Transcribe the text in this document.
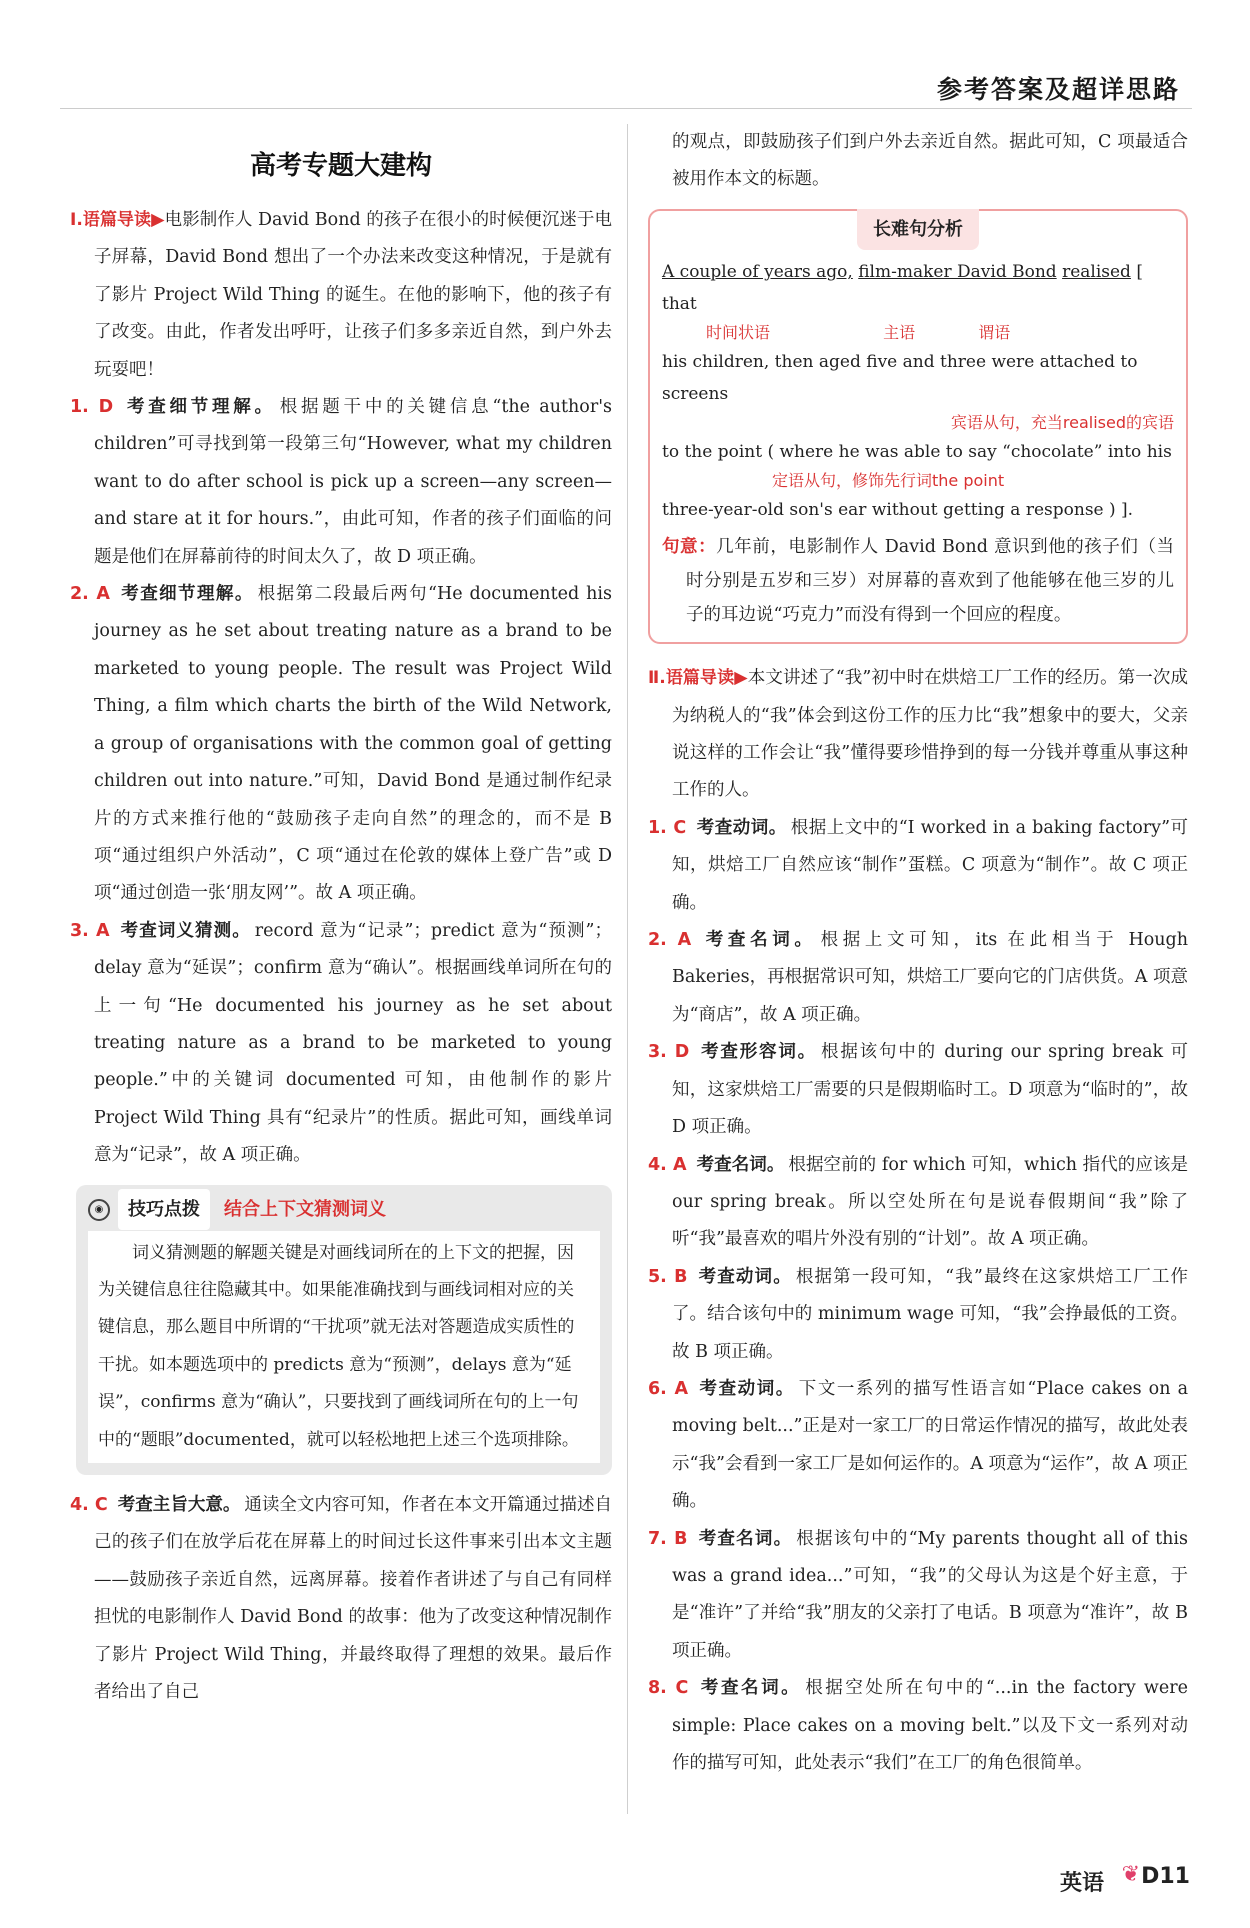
参考答案及超详思路
高考专题大建构

Ⅰ.语篇导读▶电影制作人 David Bond 的孩子在很小的时候便沉迷于电子屏幕，David Bond 想出了一个办法来改变这种情况，于是就有了影片 Project Wild Thing 的诞生。在他的影响下，他的孩子有了改变。由此，作者发出呼吁，让孩子们多多亲近自然，到户外去玩耍吧！

1. D 考查细节理解。 根据题干中的关键信息“the author's children”可寻找到第一段第三句“However, what my children want to do after school is pick up a screen—any screen—and stare at it for hours.”，由此可知，作者的孩子们面临的问题是他们在屏幕前待的时间太久了，故 D 项正确。

2. A 考查细节理解。 根据第二段最后两句“He documented his journey as he set about treating nature as a brand to be marketed to young people. The result was Project Wild Thing, a film which charts the birth of the Wild Network, a group of organisations with the common goal of getting children out into nature.”可知，David Bond 是通过制作纪录片的方式来推行他的“鼓励孩子走向自然”的理念的，而不是 B 项“通过组织户外活动”，C 项“通过在伦敦的媒体上登广告”或 D 项“通过创造一张‘朋友网’”。故 A 项正确。

3. A 考查词义猜测。 record 意为“记录”；predict 意为“预测”；delay 意为“延误”；confirm 意为“确认”。根据画线单词所在句的上一句“He documented his journey as he set about treating nature as a brand to be marketed to young people.”中的关键词 documented 可知，由他制作的影片 Project Wild Thing 具有“纪录片”的性质。据此可知，画线单词意为“记录”，故 A 项正确。

◉	技巧点拨	结合上下文猜测词义
词义猜测题的解题关键是对画线词所在的上下文的把握，因为关键信息往往隐藏其中。如果能准确找到与画线词相对应的关键信息，那么题目中所谓的“干扰项”就无法对答题造成实质性的干扰。如本题选项中的 predicts 意为“预测”，delays 意为“延误”，confirms 意为“确认”，只要找到了画线词所在句的上一句中的“题眼”documented，就可以轻松地把上述三个选项排除。

4. C 考查主旨大意。 通读全文内容可知，作者在本文开篇通过描述自己的孩子们在放学后花在屏幕上的时间过长这件事来引出本文主题——鼓励孩子亲近自然，远离屏幕。接着作者讲述了与自己有同样担忧的电影制作人 David Bond 的故事：他为了改变这种情况制作了影片 Project Wild Thing，并最终取得了理想的效果。最后作者给出了自己

的观点，即鼓励孩子们到户外去亲近自然。据此可知，C 项最适合被用作本文的标题。

长难句分析
A couple of years ago, film-maker David Bond realised [ that
时间状语	主语	谓语
his children, then aged five and three were attached to screens
宾语从句，充当realised的宾语
to the point ( where he was able to say “chocolate” into his
定语从句，修饰先行词the point
three-year-old son's ear without getting a response ) ].

句意：几年前，电影制作人 David Bond 意识到他的孩子们（当时分别是五岁和三岁）对屏幕的喜欢到了他能够在他三岁的儿子的耳边说“巧克力”而没有得到一个回应的程度。

Ⅱ.语篇导读▶本文讲述了“我”初中时在烘焙工厂工作的经历。第一次成为纳税人的“我”体会到这份工作的压力比“我”想象中的要大，父亲说这样的工作会让“我”懂得要珍惜挣到的每一分钱并尊重从事这种工作的人。

1. C 考查动词。 根据上文中的“I worked in a baking factory”可知，烘焙工厂自然应该“制作”蛋糕。C 项意为“制作”。故 C 项正确。

2. A 考查名词。 根据上文可知，its 在此相当于 Hough Bakeries，再根据常识可知，烘焙工厂要向它的门店供货。A 项意为“商店”，故 A 项正确。

3. D 考查形容词。 根据该句中的 during our spring break 可知，这家烘焙工厂需要的只是假期临时工。D 项意为“临时的”，故 D 项正确。

4. A 考查名词。 根据空前的 for which 可知，which 指代的应该是 our spring break。所以空处所在句是说春假期间“我”除了听“我”最喜欢的唱片外没有别的“计划”。故 A 项正确。

5. B 考查动词。 根据第一段可知，“我”最终在这家烘焙工厂工作了。结合该句中的 minimum wage 可知，“我”会挣最低的工资。故 B 项正确。

6. A 考查动词。 下文一系列的描写性语言如“Place cakes on a moving belt...”正是对一家工厂的日常运作情况的描写，故此处表示“我”会看到一家工厂是如何运作的。A 项意为“运作”，故 A 项正确。

7. B 考查名词。 根据该句中的“My parents thought all of this was a grand idea...”可知，“我”的父母认为这是个好主意，于是“准许”了并给“我”朋友的父亲打了电话。B 项意为“准许”，故 B 项正确。

8. C 考查名词。 根据空处所在句中的“...in the factory were simple: Place cakes on a moving belt.”以及下文一系列对动作的描写可知，此处表示“我们”在工厂的角色很简单。

英语 ❦ D11
